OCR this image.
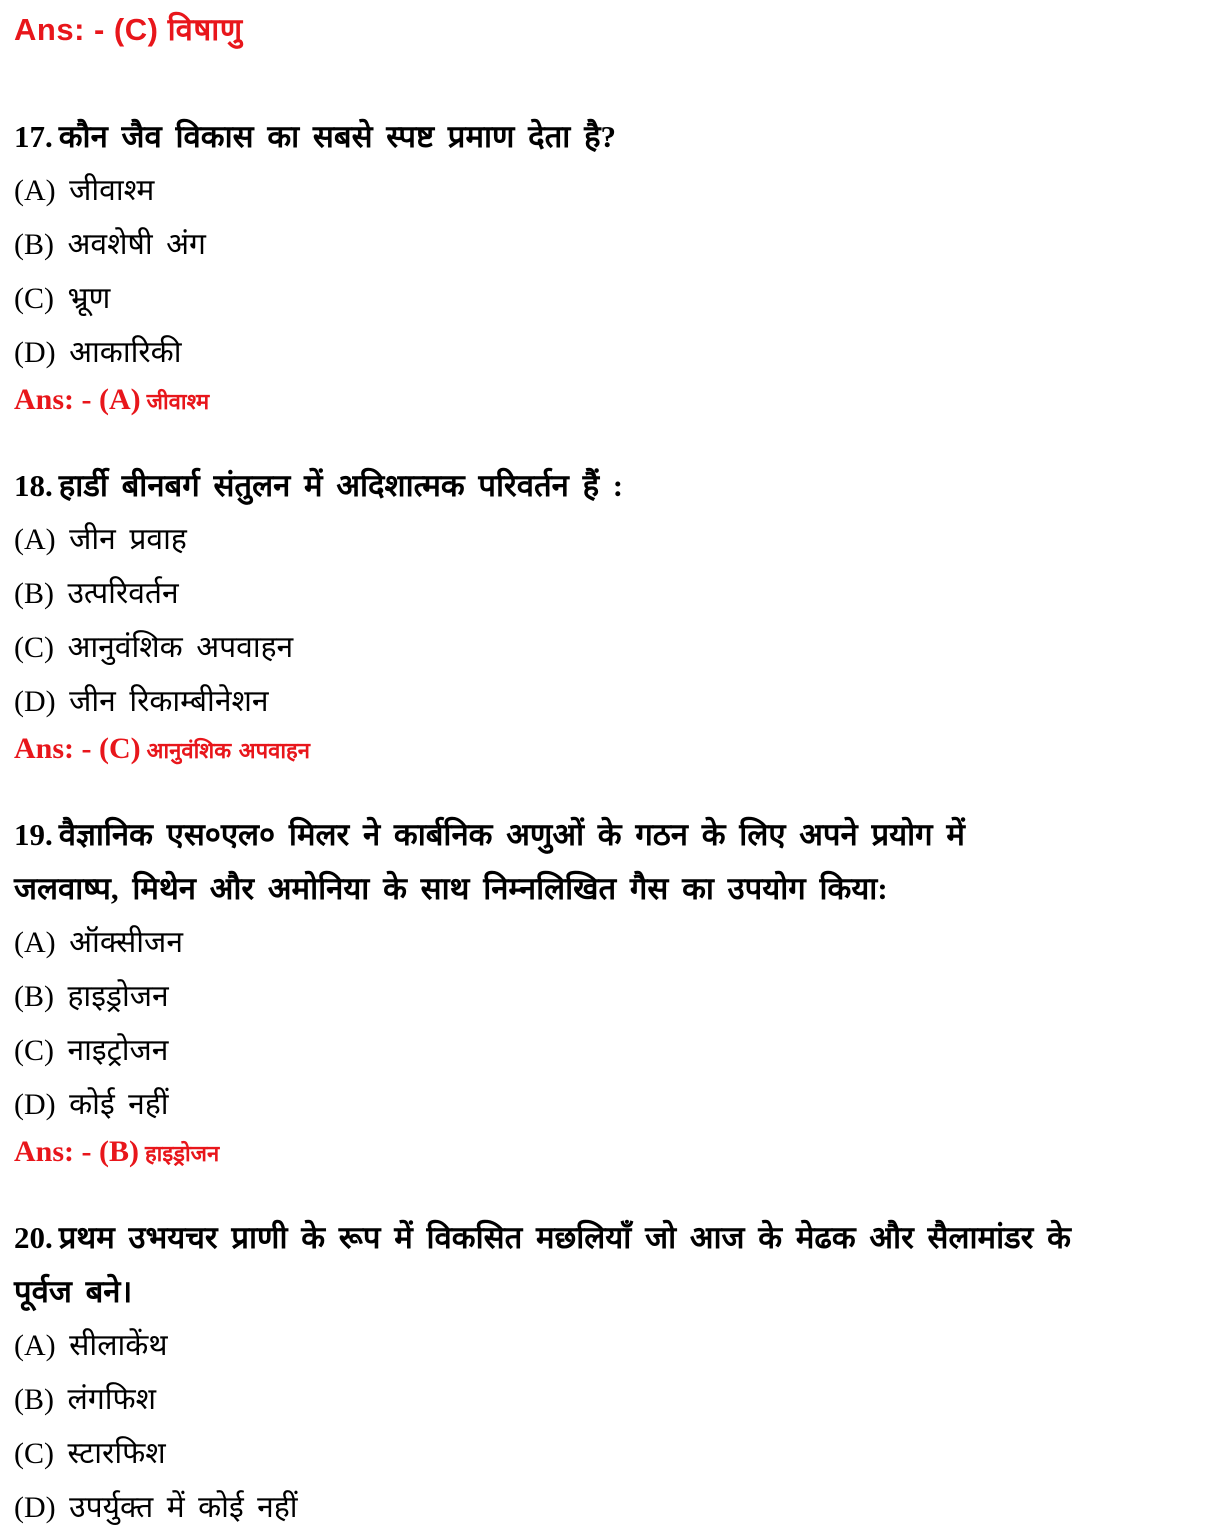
Ans: - (C) विषाणु
17. कौन जैव विकास का सबसे स्पष्ट प्रमाण देता है?
(A) जीवाश्म
(B) अवशेषी अंग
(C) भ्रूण
(D) आकारिकी
Ans: - (A) जीवाश्म
18. हार्डी बीनबर्ग संतुलन में अदिशात्मक परिवर्तन हैं :
(A) जीन प्रवाह
(B) उत्परिवर्तन
(C) आनुवंशिक अपवाहन
(D) जीन रिकाम्बीनेशन
Ans: - (C) आनुवंशिक अपवाहन
19. वैज्ञानिक एस०एल० मिलर ने कार्बनिक अणुओं के गठन के लिए अपने प्रयोग में
जलवाष्प, मिथेन और अमोनिया के साथ निम्नलिखित गैस का उपयोग किया:
(A) ऑक्सीजन
(B) हाइड्रोजन
(C) नाइट्रोजन
(D) कोई नहीं
Ans: - (B) हाइड्रोजन
20. प्रथम उभयचर प्राणी के रूप में विकसित मछलियाँ जो आज के मेढक और सैलामांडर के
पूर्वज बने।
(A) सीलाकेंथ
(B) लंगफिश
(C) स्टारफिश
(D) उपर्युक्त में कोई नहीं
